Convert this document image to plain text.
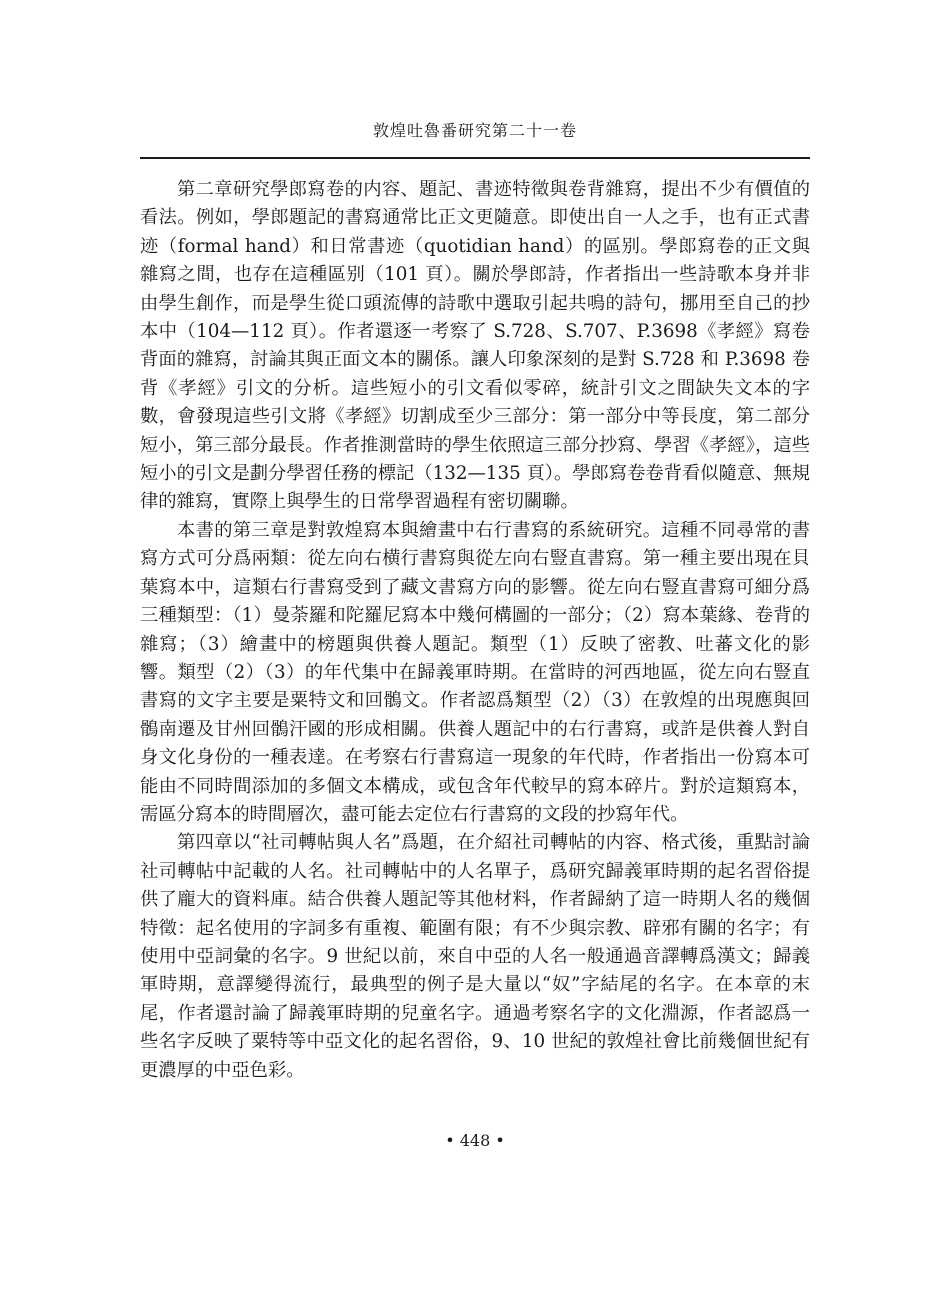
敦煌吐魯番研究第二十一卷

第二章研究學郎寫卷的内容、題記、書迹特徵與卷背雜寫，提出不少有價值的看法。例如，學郎題記的書寫通常比正文更隨意。即使出自一人之手，也有正式書迹（formal hand）和日常書迹（quotidian hand）的區别。學郎寫卷的正文與雜寫之間，也存在這種區别（101 頁）。關於學郎詩，作者指出一些詩歌本身并非由學生創作，而是學生從口頭流傳的詩歌中選取引起共鳴的詩句，挪用至自己的抄本中（104—112 頁）。作者還逐一考察了 S.728、S.707、P.3698《孝經》寫卷背面的雜寫，討論其與正面文本的關係。讓人印象深刻的是對 S.728 和 P.3698 卷背《孝經》引文的分析。這些短小的引文看似零碎，統計引文之間缺失文本的字數，會發現這些引文將《孝經》切割成至少三部分：第一部分中等長度，第二部分短小，第三部分最長。作者推測當時的學生依照這三部分抄寫、學習《孝經》，這些短小的引文是劃分學習任務的標記（132—135 頁）。學郎寫卷卷背看似隨意、無規律的雜寫，實際上與學生的日常學習過程有密切關聯。

本書的第三章是對敦煌寫本與繪畫中右行書寫的系統研究。這種不同尋常的書寫方式可分爲兩類：從左向右横行書寫與從左向右豎直書寫。第一種主要出現在貝葉寫本中，這類右行書寫受到了藏文書寫方向的影響。從左向右豎直書寫可細分爲三種類型：（1）曼荼羅和陀羅尼寫本中幾何構圖的一部分；（2）寫本葉緣、卷背的雜寫；（3）繪畫中的榜題與供養人題記。類型（1）反映了密教、吐蕃文化的影響。類型（2）（3）的年代集中在歸義軍時期。在當時的河西地區，從左向右豎直書寫的文字主要是粟特文和回鶻文。作者認爲類型（2）（3）在敦煌的出現應與回鶻南遷及甘州回鶻汗國的形成相關。供養人題記中的右行書寫，或許是供養人對自身文化身份的一種表達。在考察右行書寫這一現象的年代時，作者指出一份寫本可能由不同時間添加的多個文本構成，或包含年代較早的寫本碎片。對於這類寫本，需區分寫本的時間層次，盡可能去定位右行書寫的文段的抄寫年代。

第四章以“社司轉帖與人名”爲題，在介紹社司轉帖的内容、格式後，重點討論社司轉帖中記載的人名。社司轉帖中的人名單子，爲研究歸義軍時期的起名習俗提供了龐大的資料庫。結合供養人題記等其他材料，作者歸納了這一時期人名的幾個特徵：起名使用的字詞多有重複、範圍有限；有不少與宗教、辟邪有關的名字；有使用中亞詞彙的名字。9 世紀以前，來自中亞的人名一般通過音譯轉爲漢文；歸義軍時期，意譯變得流行，最典型的例子是大量以“奴”字結尾的名字。在本章的末尾，作者還討論了歸義軍時期的兒童名字。通過考察名字的文化淵源，作者認爲一些名字反映了粟特等中亞文化的起名習俗，9、10 世紀的敦煌社會比前幾個世紀有更濃厚的中亞色彩。

• 448 •
